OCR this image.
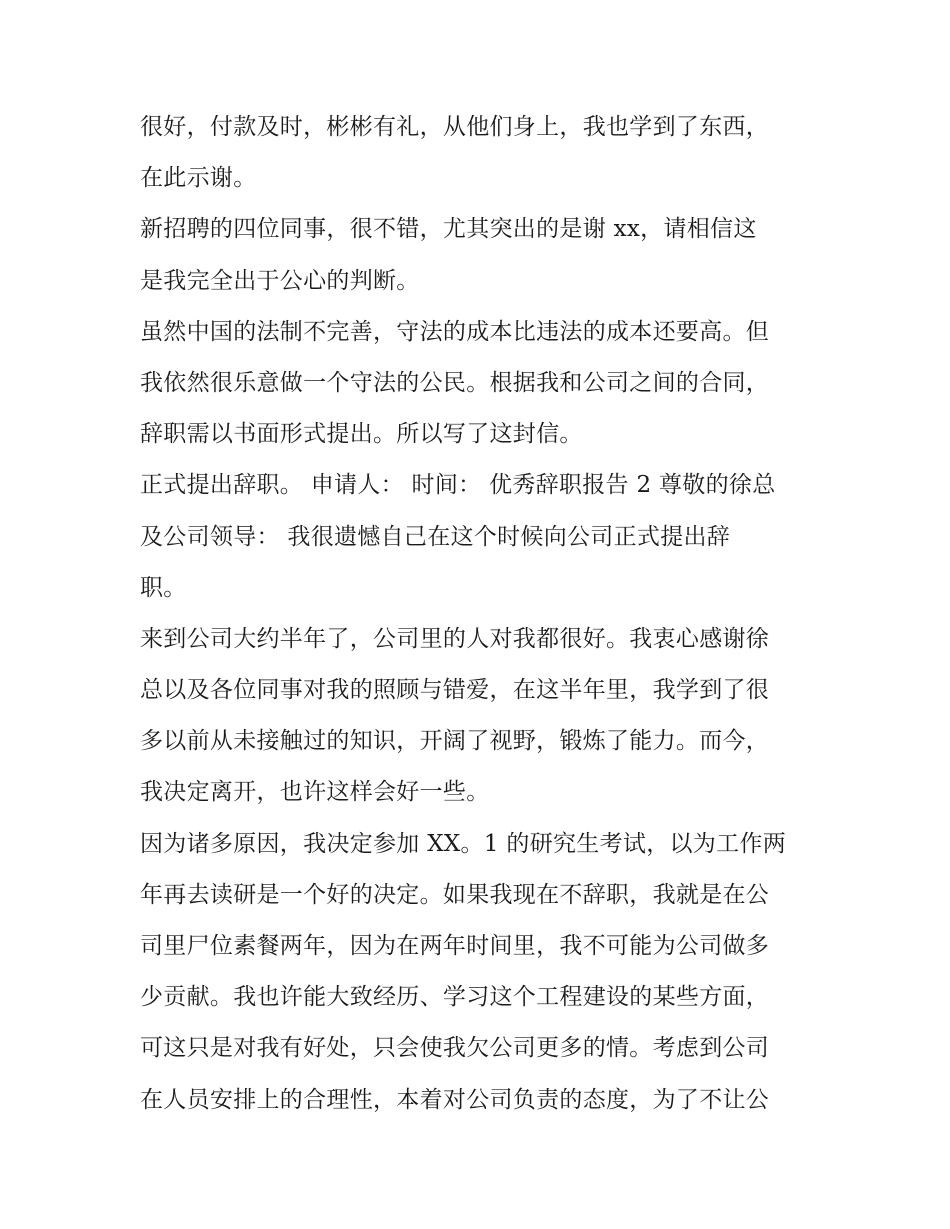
很好，付款及时，彬彬有礼，从他们身上，我也学到了东西，
在此示谢。
新招聘的四位同事，很不错，尤其突出的是谢 xx，请相信这
是我完全出于公心的判断。
虽然中国的法制不完善，守法的成本比违法的成本还要高。但
我依然很乐意做一个守法的公民。根据我和公司之间的合同，
辞职需以书面形式提出。所以写了这封信。
正式提出辞职。 申请人： 时间： 优秀辞职报告 2 尊敬的徐总
及公司领导： 我很遗憾自己在这个时候向公司正式提出辞
职。
来到公司大约半年了，公司里的人对我都很好。我衷心感谢徐
总以及各位同事对我的照顾与错爱，在这半年里，我学到了很
多以前从未接触过的知识，开阔了视野，锻炼了能力。而今，
我决定离开，也许这样会好一些。
因为诸多原因，我决定参加 XX。1 的研究生考试，以为工作两
年再去读研是一个好的决定。如果我现在不辞职，我就是在公
司里尸位素餐两年，因为在两年时间里，我不可能为公司做多
少贡献。我也许能大致经历、学习这个工程建设的某些方面，
可这只是对我有好处，只会使我欠公司更多的情。考虑到公司
在人员安排上的合理性，本着对公司负责的态度，为了不让公
